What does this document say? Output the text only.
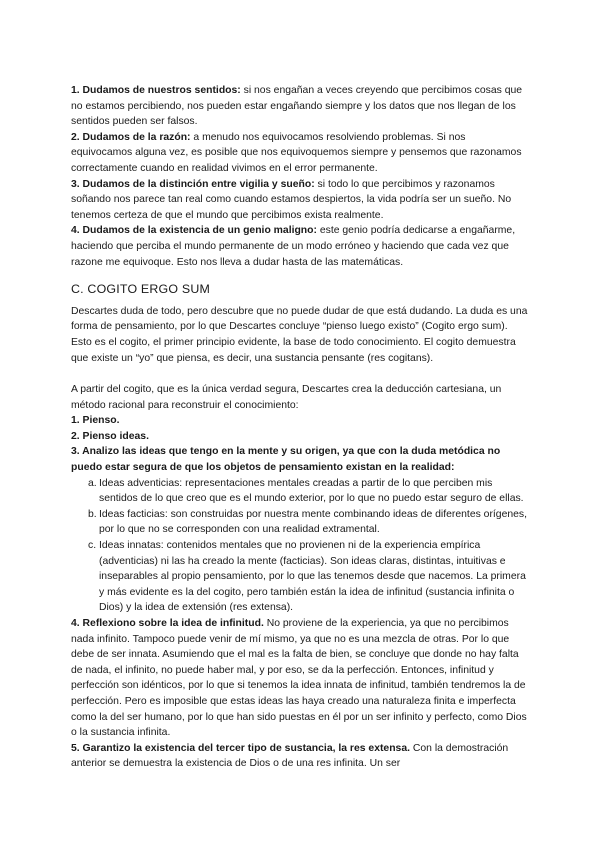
1. Dudamos de nuestros sentidos: si nos engañan a veces creyendo que percibimos cosas que no estamos percibiendo, nos pueden estar engañando siempre y los datos que nos llegan de los sentidos pueden ser falsos.

2. Dudamos de la razón: a menudo nos equivocamos resolviendo problemas. Si nos equivocamos alguna vez, es posible que nos equivoquemos siempre y pensemos que razonamos correctamente cuando en realidad vivimos en el error permanente.

3. Dudamos de la distinción entre vigilia y sueño: si todo lo que percibimos y razonamos soñando nos parece tan real como cuando estamos despiertos, la vida podría ser un sueño. No tenemos certeza de que el mundo que percibimos exista realmente.

4. Dudamos de la existencia de un genio maligno: este genio podría dedicarse a engañarme, haciendo que perciba el mundo permanente de un modo erróneo y haciendo que cada vez que razone me equivoque. Esto nos lleva a dudar hasta de las matemáticas.

C. COGITO ERGO SUM

Descartes duda de todo, pero descubre que no puede dudar de que está dudando. La duda es una forma de pensamiento, por lo que Descartes concluye “pienso luego existo” (Cogito ergo sum). Esto es el cogito, el primer principio evidente, la base de todo conocimiento. El cogito demuestra que existe un “yo” que piensa, es decir, una sustancia pensante (res cogitans).

A partir del cogito, que es la única verdad segura, Descartes crea la deducción cartesiana, un método racional para reconstruir el conocimiento:

1. Pienso.

2. Pienso ideas.

3. Analizo las ideas que tengo en la mente y su origen, ya que con la duda metódica no puedo estar segura de que los objetos de pensamiento existan en la realidad:

a. Ideas adventicias: representaciones mentales creadas a partir de lo que perciben mis sentidos de lo que creo que es el mundo exterior, por lo que no puedo estar seguro de ellas.
b. Ideas facticias: son construidas por nuestra mente combinando ideas de diferentes orígenes, por lo que no se corresponden con una realidad extramental.
c. Ideas innatas: contenidos mentales que no provienen ni de la experiencia empírica (adventicias) ni las ha creado la mente (facticias). Son ideas claras, distintas, intuitivas e inseparables al propio pensamiento, por lo que las tenemos desde que nacemos. La primera y más evidente es la del cogito, pero también están la idea de infinitud (sustancia infinita o Dios) y la idea de extensión (res extensa).

4. Reflexiono sobre la idea de infinitud. No proviene de la experiencia, ya que no percibimos nada infinito. Tampoco puede venir de mí mismo, ya que no es una mezcla de otras. Por lo que debe de ser innata. Asumiendo que el mal es la falta de bien, se concluye que donde no hay falta de nada, el infinito, no puede haber mal, y por eso, se da la perfección. Entonces, infinitud y perfección son idénticos, por lo que si tenemos la idea innata de infinitud, también tendremos la de perfección. Pero es imposible que estas ideas las haya creado una naturaleza finita e imperfecta como la del ser humano, por lo que han sido puestas en él por un ser infinito y perfecto, como Dios o la sustancia infinita.

5. Garantizo la existencia del tercer tipo de sustancia, la res extensa. Con la demostración anterior se demuestra la existencia de Dios o de una res infinita. Un ser
